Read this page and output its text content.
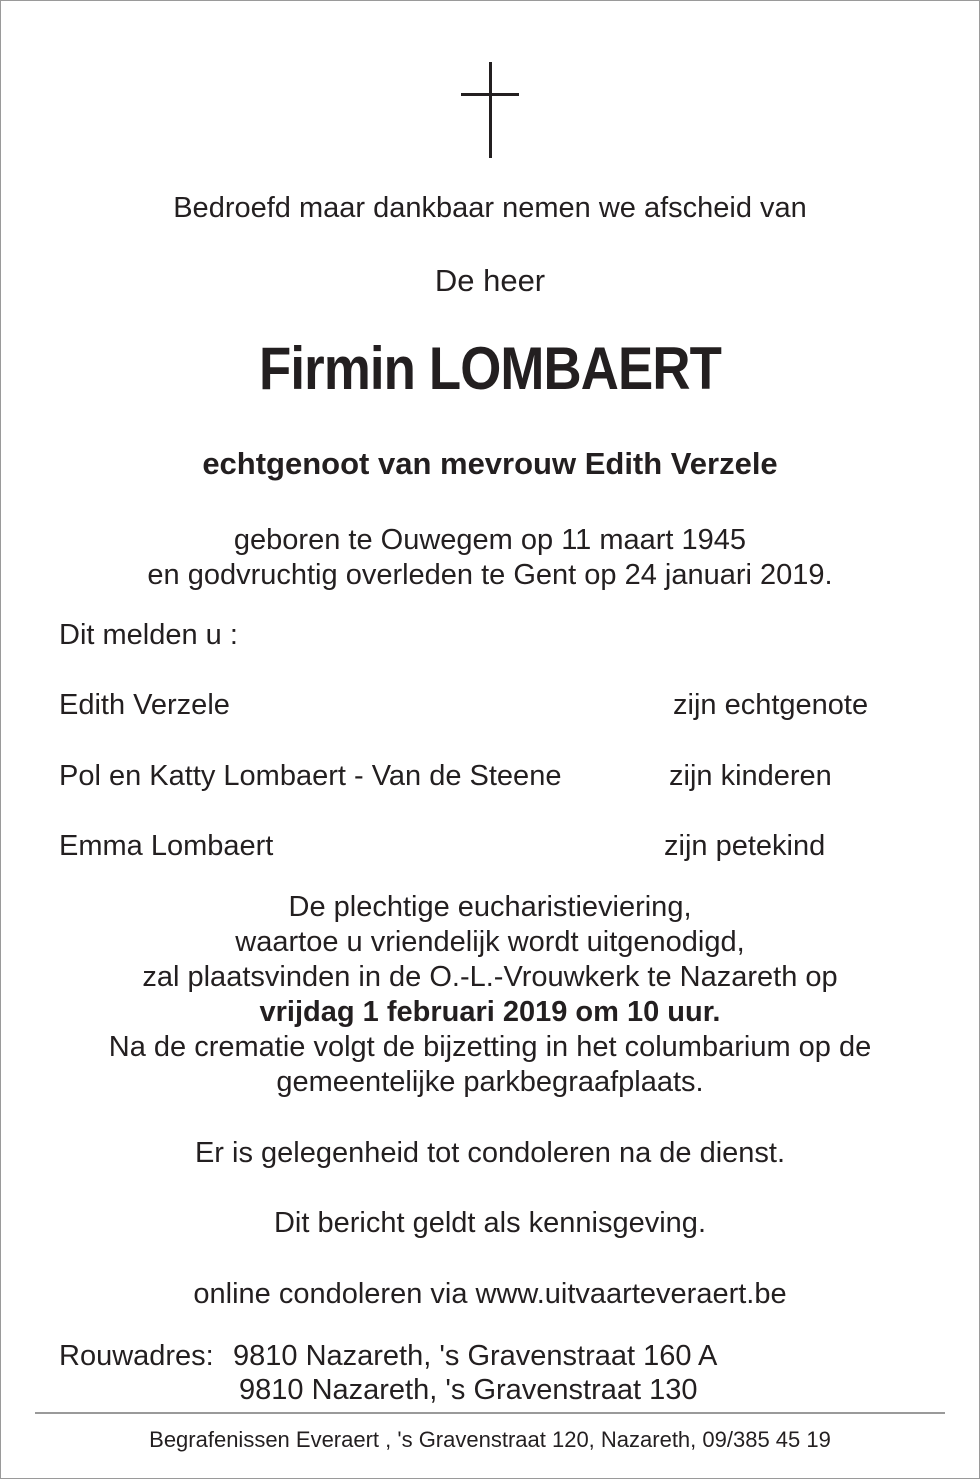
Bedroefd maar dankbaar nemen we afscheid van
De heer
Firmin LOMBAERT
echtgenoot van mevrouw Edith Verzele
geboren te Ouwegem op 11 maart 1945
en godvruchtig overleden te Gent op 24 januari 2019.
Dit melden u :
Edith Verzele	zijn echtgenote
Pol en Katty Lombaert - Van de Steene	zijn kinderen
Emma Lombaert	zijn petekind
De plechtige eucharistieviering,
waartoe u vriendelijk wordt uitgenodigd,
zal plaatsvinden in de O.-L.-Vrouwkerk te Nazareth op
vrijdag 1 februari 2019 om 10 uur.
Na de crematie volgt de bijzetting in het columbarium op de
gemeentelijke parkbegraafplaats.
Er is gelegenheid tot condoleren na de dienst.
Dit bericht geldt als kennisgeving.
online condoleren via www.uitvaarteveraert.be
Rouwadres: 9810 Nazareth, 's Gravenstraat 160 A
9810 Nazareth, 's Gravenstraat 130
Begrafenissen Everaert , 's Gravenstraat 120, Nazareth, 09/385 45 19
